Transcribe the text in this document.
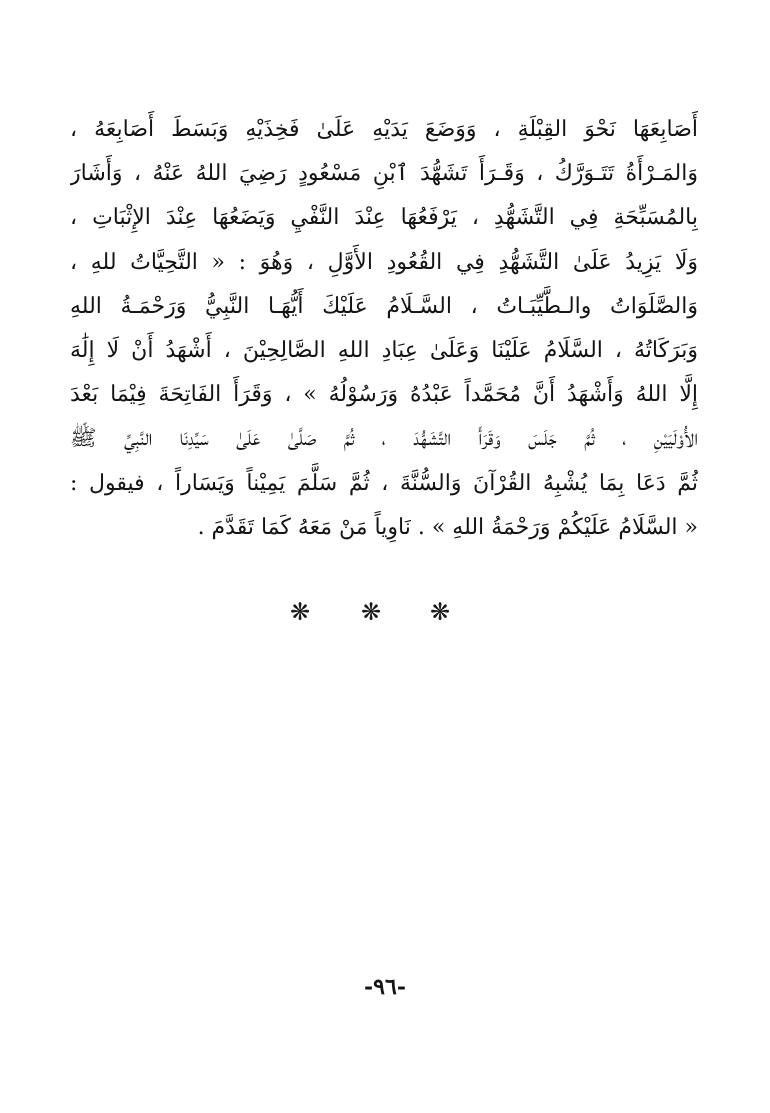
أَصَابِعَهَا نَحْوَ القِبْلَةِ ، وَوَضَعَ يَدَيْهِ عَلَىٰ فَخِذَيْهِ وَبَسَطَ أَصَابِعَهُ ،
وَالمَـرْأَةُ تَتَـوَرَّكُ ، وَقَـرَأَ تَشَهُّدَ ٱبْنِ مَسْعُودٍ رَضِيَ اللهُ عَنْهُ ، وَأَشَارَ
بِالمُسَبِّحَةِ فِي التَّشَهُّدِ ، يَرْفَعُهَا عِنْدَ النَّفْيِ وَيَضَعُهَا عِنْدَ الإِثْبَاتِ ،
وَلَا يَزِيدُ عَلَىٰ التَّشَهُّدِ فِي القُعُودِ الأَوَّلِ ، وَهُوَ : « التَّحِيَّاتُ للهِ ،
وَالصَّلَوَاتُ والـطَّيِّبَـاتُ ، السَّـلَامُ عَلَيْكَ أَيُّهَـا النَّبِيُّ وَرَحْمَـةُ اللهِ
وَبَرَكَاتُهُ ، السَّلَامُ عَلَيْنَا وَعَلَىٰ عِبَادِ اللهِ الصَّالِحِيْنَ ، أَشْهَدُ أَنْ لَا إِلَٰهَ
إِلَّا اللهُ وَأَشْهَدُ أَنَّ مُحَمَّداً عَبْدُهُ وَرَسُوْلُهُ » ، وَقَرَأَ الفَاتِحَةَ فِيْمَا بَعْدَ
الأُوْلَيَيْنِ ، ثُمَّ جَلَسَ وَقَرَأَ التَّشَهُّدَ ، ثُمَّ صَلَّىٰ عَلَىٰ سَيِّدِنَا النَّبِيِّ ﷺ
ثُمَّ دَعَا بِمَا يُشْبِهُ القُرْآنَ وَالسُّنَّةَ ، ثُمَّ سَلَّمَ يَمِيْناً وَيَسَاراً ، فيقول :
« السَّلَامُ عَلَيْكُمْ وَرَحْمَةُ اللهِ » . نَاوِياً مَنْ مَعَهُ كَمَا تَقَدَّمَ .
❋ ❋ ❋
-٩٦-
